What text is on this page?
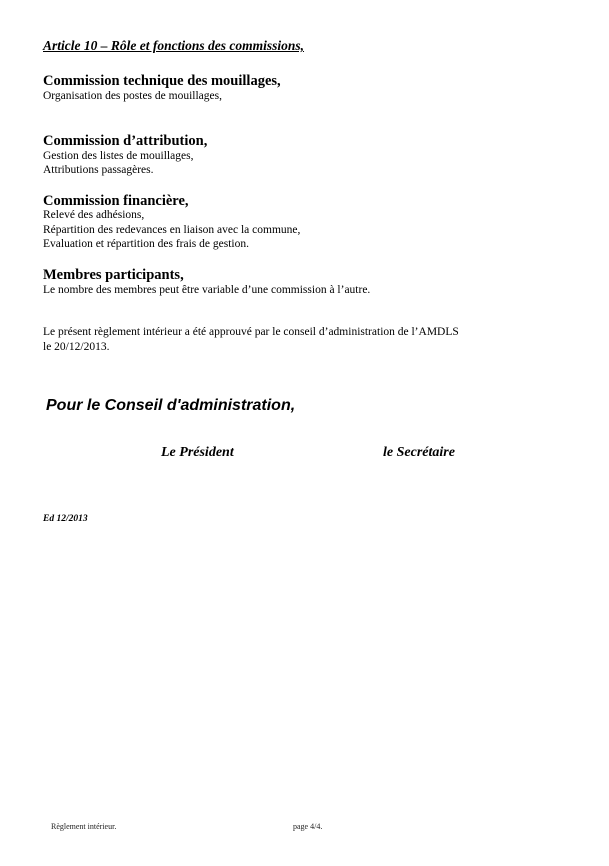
Article 10 – Rôle et fonctions des commissions,
Commission technique des mouillages,
Organisation des postes de mouillages,
Commission d’attribution,
Gestion des listes de mouillages,
Attributions passagères.
Commission financière,
Relevé des adhésions,
Répartition des redevances en liaison avec la commune,
Evaluation et répartition des frais de gestion.
Membres participants,
Le nombre des membres peut être variable d’une commission à l’autre.
Le présent règlement intérieur a été approuvé par le conseil d’administration de l’AMDLS
le 20/12/2013.
Pour le Conseil d'administration,
Le Président	le Secrétaire
Ed 12/2013
Règlement intérieur.	page 4/4.
